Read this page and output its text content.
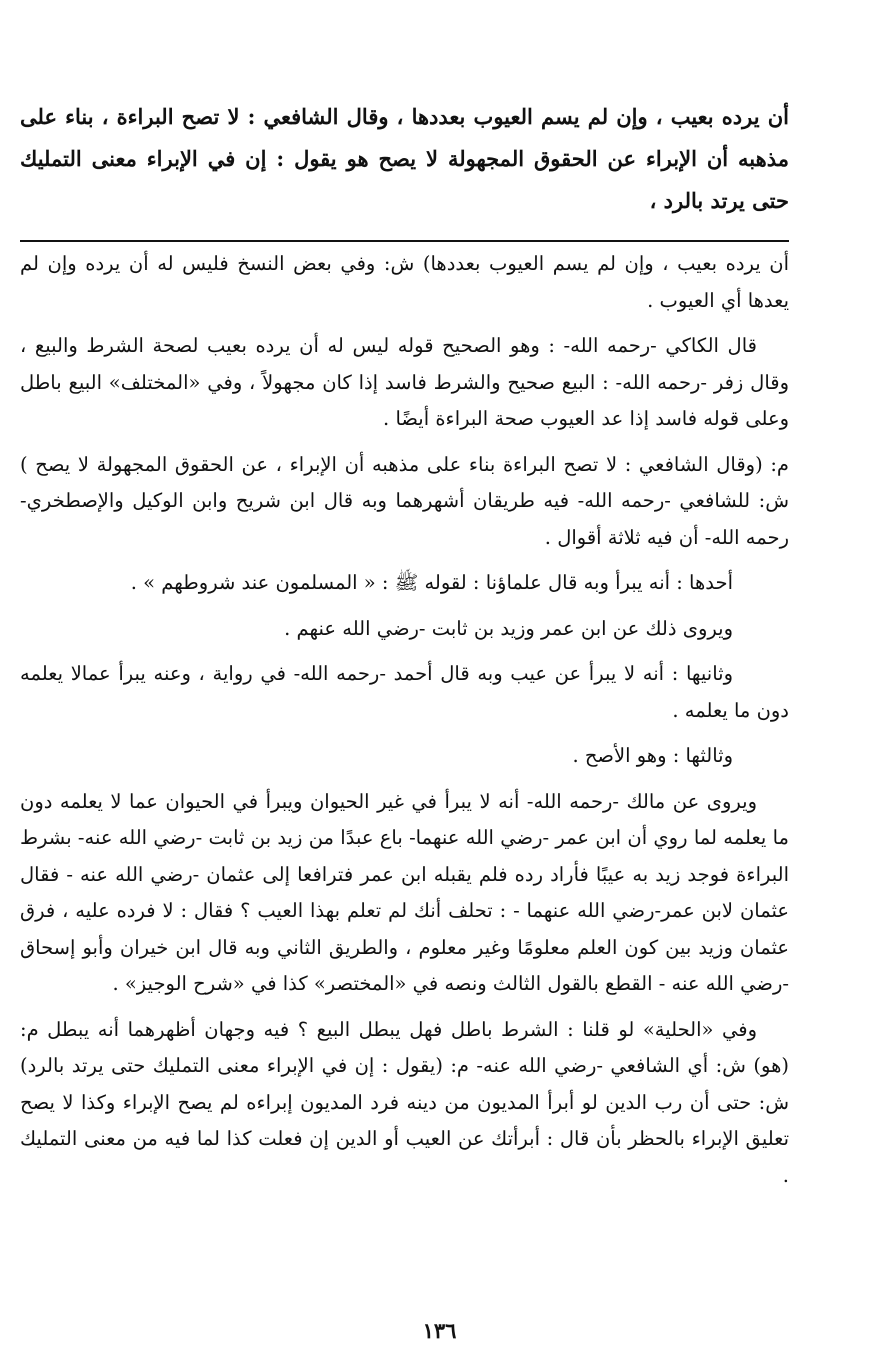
أن يرده بعيب ، وإن لم يسم العيوب بعددها ، وقال الشافعي : لا تصح البراءة ، بناء على مذهبه أن الإبراء عن الحقوق المجهولة لا يصح هو يقول : إن في الإبراء معنى التمليك حتى يرتد بالرد ،

أن يرده بعيب ، وإن لم يسم العيوب بعددها) ش: وفي بعض النسخ فليس له أن يرده وإن لم يعدها أي العيوب .

قال الكاكي -رحمه الله- : وهو الصحيح قوله ليس له أن يرده بعيب لصحة الشرط والبيع ، وقال زفر -رحمه الله- : البيع صحيح والشرط فاسد إذا كان مجهولاً ، وفي «المختلف» البيع باطل وعلى قوله فاسد إذا عد العيوب صحة البراءة أيضًا .

م: (وقال الشافعي : لا تصح البراءة بناء على مذهبه أن الإبراء ، عن الحقوق المجهولة لا يصح ) ش: للشافعي -رحمه الله- فيه طريقان أشهرهما وبه قال ابن شريح وابن الوكيل والإصطخري- رحمه الله- أن فيه ثلاثة أقوال .

أحدها : أنه يبرأ وبه قال علماؤنا : لقوله ﷺ : « المسلمون عند شروطهم » .

ويروى ذلك عن ابن عمر وزيد بن ثابت -رضي الله عنهم .

وثانيها : أنه لا يبرأ عن عيب وبه قال أحمد -رحمه الله- في رواية ، وعنه يبرأ عمالا يعلمه دون ما يعلمه .

وثالثها : وهو الأصح .

ويروى عن مالك -رحمه الله- أنه لا يبرأ في غير الحيوان ويبرأ في الحيوان عما لا يعلمه دون ما يعلمه لما روي أن ابن عمر -رضي الله عنهما- باع عبدًا من زيد بن ثابت -رضي الله عنه- بشرط البراءة فوجد زيد به عيبًا فأراد رده فلم يقبله ابن عمر فترافعا إلى عثمان -رضي الله عنه - فقال عثمان لابن عمر-رضي الله عنهما - : تحلف أنك لم تعلم بهذا العيب ؟ فقال : لا فرده عليه ، فرق عثمان وزيد بين كون العلم معلومًا وغير معلوم ، والطريق الثاني وبه قال ابن خيران وأبو إسحاق -رضي الله عنه - القطع بالقول الثالث ونصه في «المختصر» كذا في «شرح الوجيز» .

وفي «الحلية» لو قلنا : الشرط باطل فهل يبطل البيع ؟ فيه وجهان أظهرهما أنه يبطل م: (هو) ش: أي الشافعي -رضي الله عنه- م: (يقول : إن في الإبراء معنى التمليك حتى يرتد بالرد) ش: حتى أن رب الدين لو أبرأ المديون من دينه فرد المديون إبراءه لم يصح الإبراء وكذا لا يصح تعليق الإبراء بالحظر بأن قال : أبرأتك عن العيب أو الدين إن فعلت كذا لما فيه من معنى التمليك .

١٣٦
